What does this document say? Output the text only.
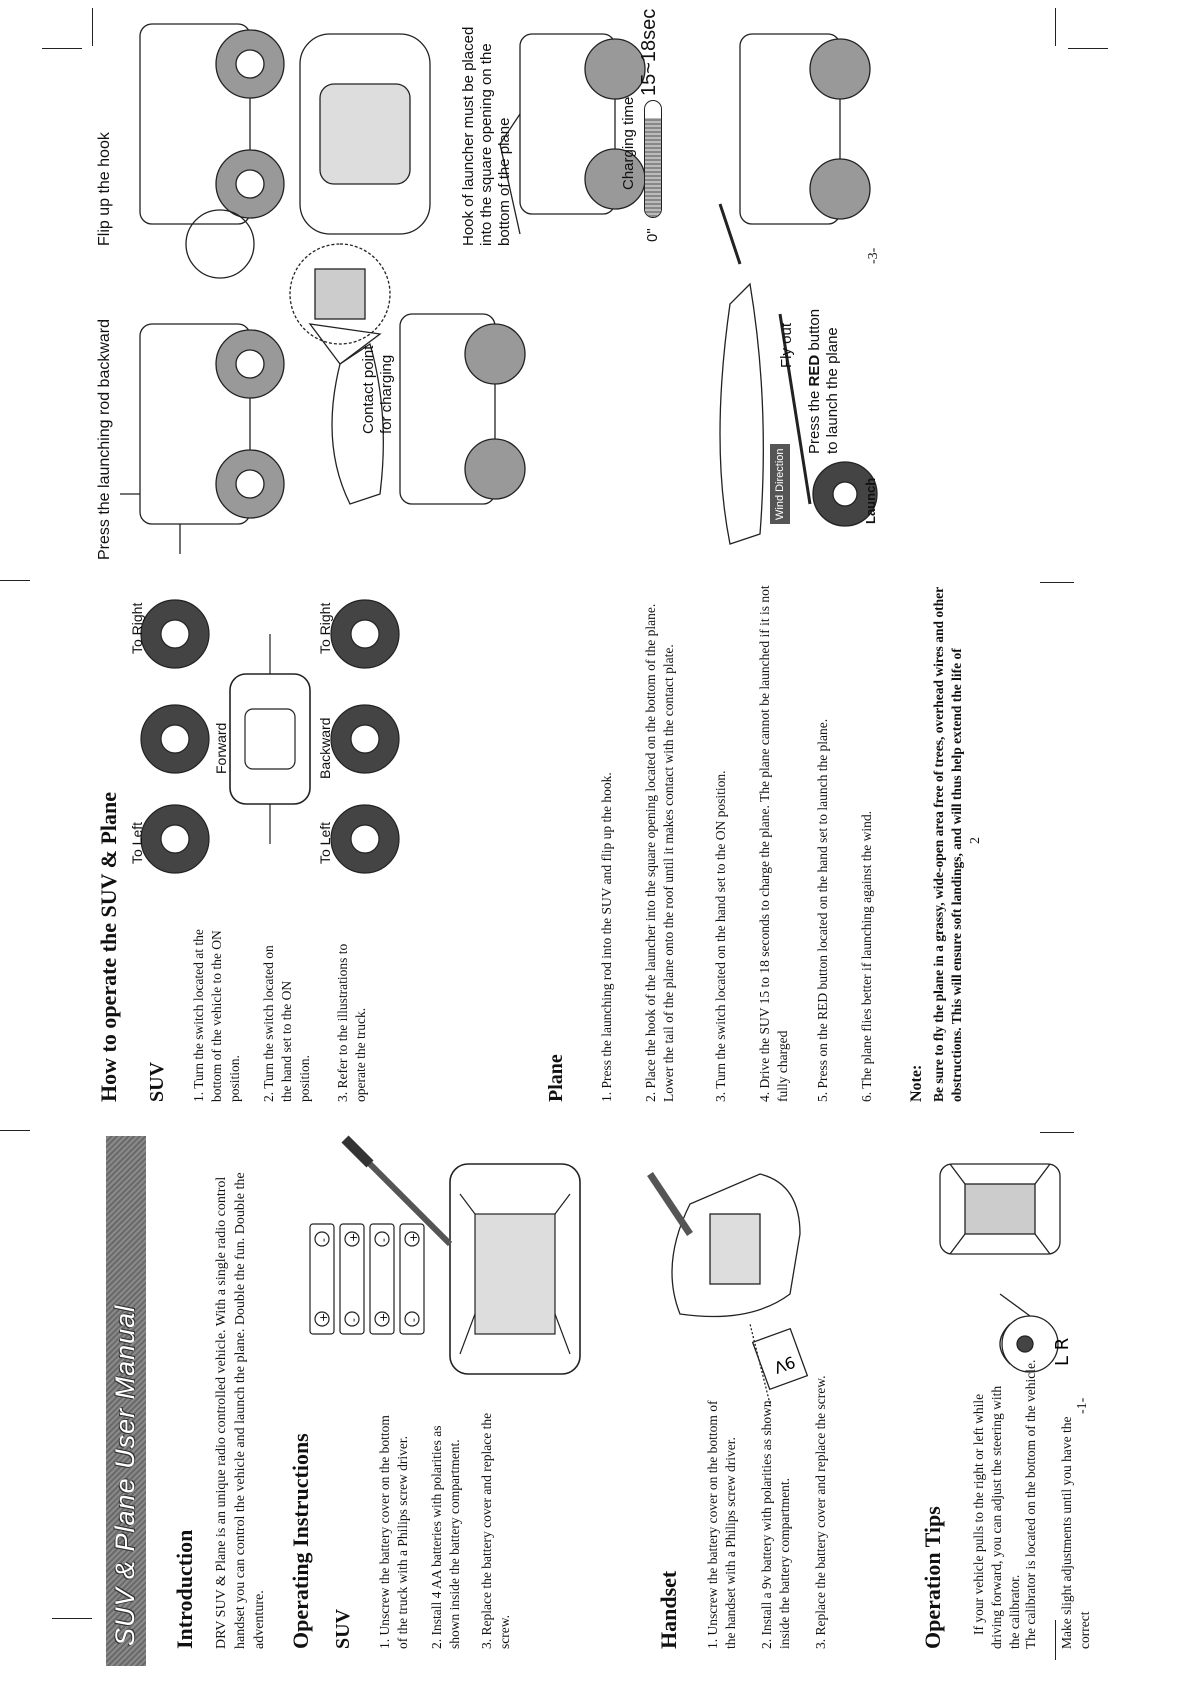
SUV & Plane User Manual Introduction DRV SUV & Plane is an unique radio controlled vehicle. With a single radio control handset you can control the vehicle and launch the plane. Double the fun. Double the adventure. Operating Instructions SUV 1. Unscrew the battery cover on the bottom of the truck with a Philips screw driver. 2. Install 4 AA batteries with polarities as shown inside the battery compartment. 3. Replace the battery cover and replace the screw.
+
-
-
+
+
-
-
+
Handset 1. Unscrew the battery cover on the bottom of the handset with a Philips screw driver. 2. Install a 9v battery with polarities as shown inside the battery compartment. 3. Replace the battery cover and replace the screw.
9V
Operation Tips If your vehicle pulls to the right or left while driving forward, you can adjust the steering with the calibrator. The calibrator is located on the bottom of the vehicle. Make slight adjustments until you have the correct

L R
-1-
How to operate the SUV & Plane SUV 1. Turn the switch located at the bottom of the vehicle to the ON position. 2. Turn the switch located on the hand set to the ON position. 3. Refer to the illustrations to operate the truck.
To Left
To Right
Forward
To Left
To Right
Backward
Plane 1. Press the launching rod into the SUV and flip up the hook. 2. Place the hook of the launcher into the square opening located on the bottom of the plane. Lower the tail of the plane onto the roof until it makes contact with the contact plate.	3. Turn the switch located on the hand set to the ON position. 4. Drive the SUV 15 to 18 seconds to charge the plane. The plane cannot be launched if it is not fully charged 5. Press on the RED button located on the hand set to launch the plane. 6. The plane flies better if launching against the wind. Note: Be sure to fly the plane in a grassy, wide-open area free of trees, overhead wires and other obstructions. This will ensure soft landings, and will thus help extend the life of 2
Press the launching rod backward
Flip up the hook
Contact point
for charging
Hook of launcher must be placed
into the square opening on the
bottom of the plane	Charging time
0"
15~18sec
Fly out
Press the RED button
to launch the plane
Wind Direction	Launch
-3-
